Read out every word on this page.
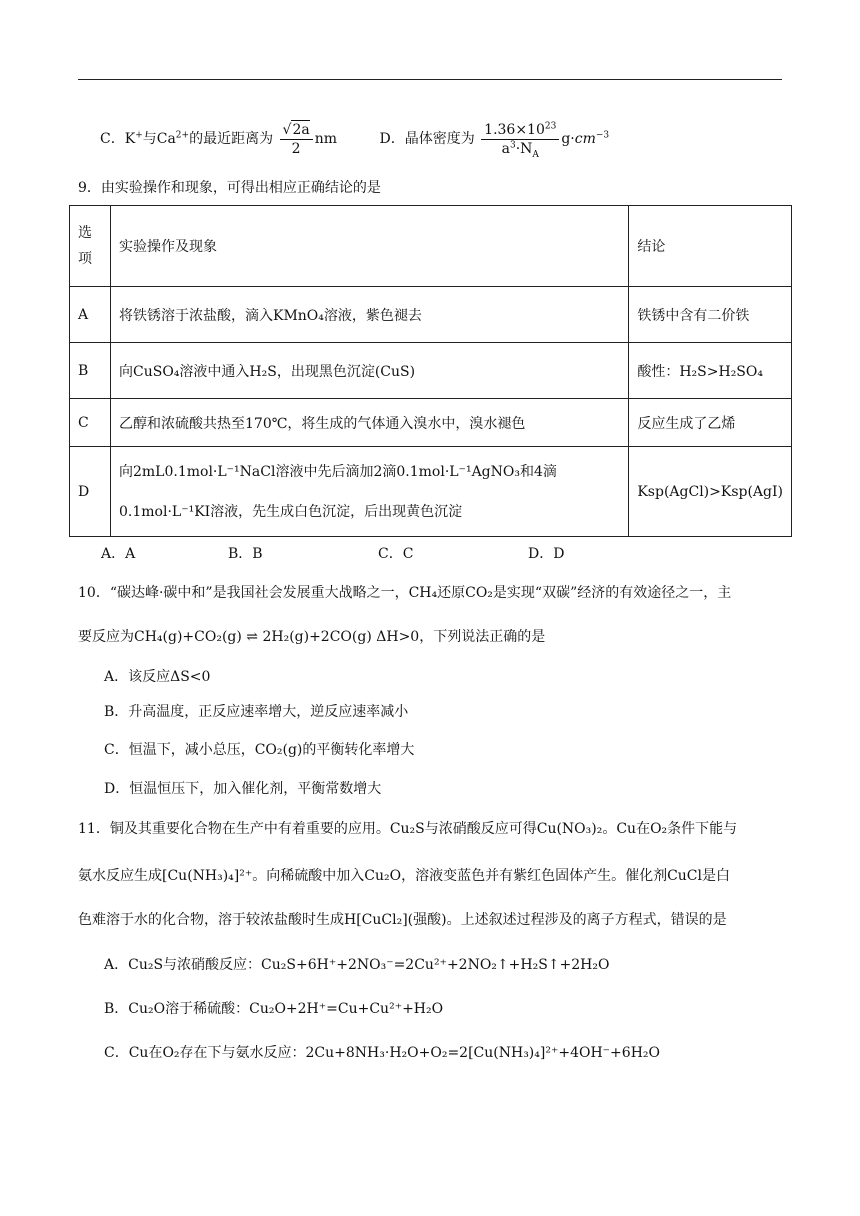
C．K+与$Ca^{2+}$的最近距离为 $\frac{√2a}{2}$ nm	D．晶体密度为 $\frac{1.36\times 10^{23}}{a^3\cdot N_A} g\cdot cm^{-3}$
9．由实验操作和现象，可得出相应正确结论的是
选
项	实验操作及现象	结论
A	将铁锈溶于浓盐酸，滴入KMnO₄溶液，紫色褪去	铁锈中含有二价铁
B	向CuSO₄溶液中通入H₂S，出现黑色沉淀(CuS)	酸性：H₂S>H₂SO₄
C	乙醇和浓硫酸共热至170℃，将生成的气体通入溴水中，溴水褪色	反应生成了乙烯
D	向2mL0.1mol·L⁻¹NaCl溶液中先后滴加2滴0.1mol·L⁻¹AgNO₃和4滴
0.1mol·L⁻¹KI溶液，先生成白色沉淀，后出现黄色沉淀	Ksp(AgCl)>Ksp(AgI)
A．A	B．B	C．C	D．D
10．“碳达峰·碳中和”是我国社会发展重大战略之一，CH₄还原CO₂是实现“双碳”经济的有效途径之一，主
要反应为CH₄(g)+CO₂(g) ⇌ 2H₂(g)+2CO(g) ΔH>0，下列说法正确的是
A．该反应ΔS<0
B．升高温度，正反应速率增大，逆反应速率减小
C．恒温下，减小总压，CO₂(g)的平衡转化率增大
D．恒温恒压下，加入催化剂，平衡常数增大
11．铜及其重要化合物在生产中有着重要的应用。Cu₂S与浓硝酸反应可得Cu(NO₃)₂。Cu在O₂条件下能与
氨水反应生成[Cu(NH₃)₄]²⁺。向稀硫酸中加入Cu₂O，溶液变蓝色并有紫红色固体产生。催化剂CuCl是白
色难溶于水的化合物，溶于较浓盐酸时生成H[CuCl₂](强酸)。上述叙述过程涉及的离子方程式，错误的是
A．Cu₂S与浓硝酸反应：Cu₂S+6H⁺+2NO₃⁻=2Cu²⁺+2NO₂↑+H₂S↑+2H₂O
B．Cu₂O溶于稀硫酸：Cu₂O+2H⁺=Cu+Cu²⁺+H₂O
C．Cu在O₂存在下与氨水反应：2Cu+8NH₃·H₂O+O₂=2[Cu(NH₃)₄]²⁺+4OH⁻+6H₂O
